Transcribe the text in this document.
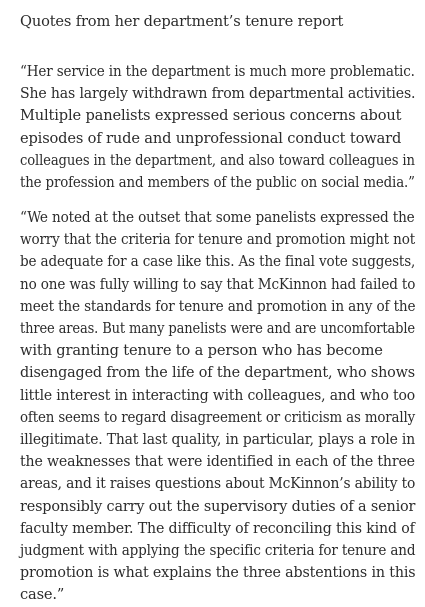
Quotes from her department’s tenure report

“Her service in the department is much more problematic.
She has largely withdrawn from departmental activities.
Multiple panelists expressed serious concerns about
episodes of rude and unprofessional conduct toward
colleagues in the department, and also toward colleagues in
the profession and members of the public on social media.”

“We noted at the outset that some panelists expressed the
worry that the criteria for tenure and promotion might not
be adequate for a case like this. As the final vote suggests,
no one was fully willing to say that McKinnon had failed to
meet the standards for tenure and promotion in any of the
three areas. But many panelists were and are uncomfortable
with granting tenure to a person who has become
disengaged from the life of the department, who shows
little interest in interacting with colleagues, and who too
often seems to regard disagreement or criticism as morally
illegitimate. That last quality, in particular, plays a role in
the weaknesses that were identified in each of the three
areas, and it raises questions about McKinnon’s ability to
responsibly carry out the supervisory duties of a senior
faculty member. The difficulty of reconciling this kind of
judgment with applying the specific criteria for tenure and
promotion is what explains the three abstentions in this
case.”
